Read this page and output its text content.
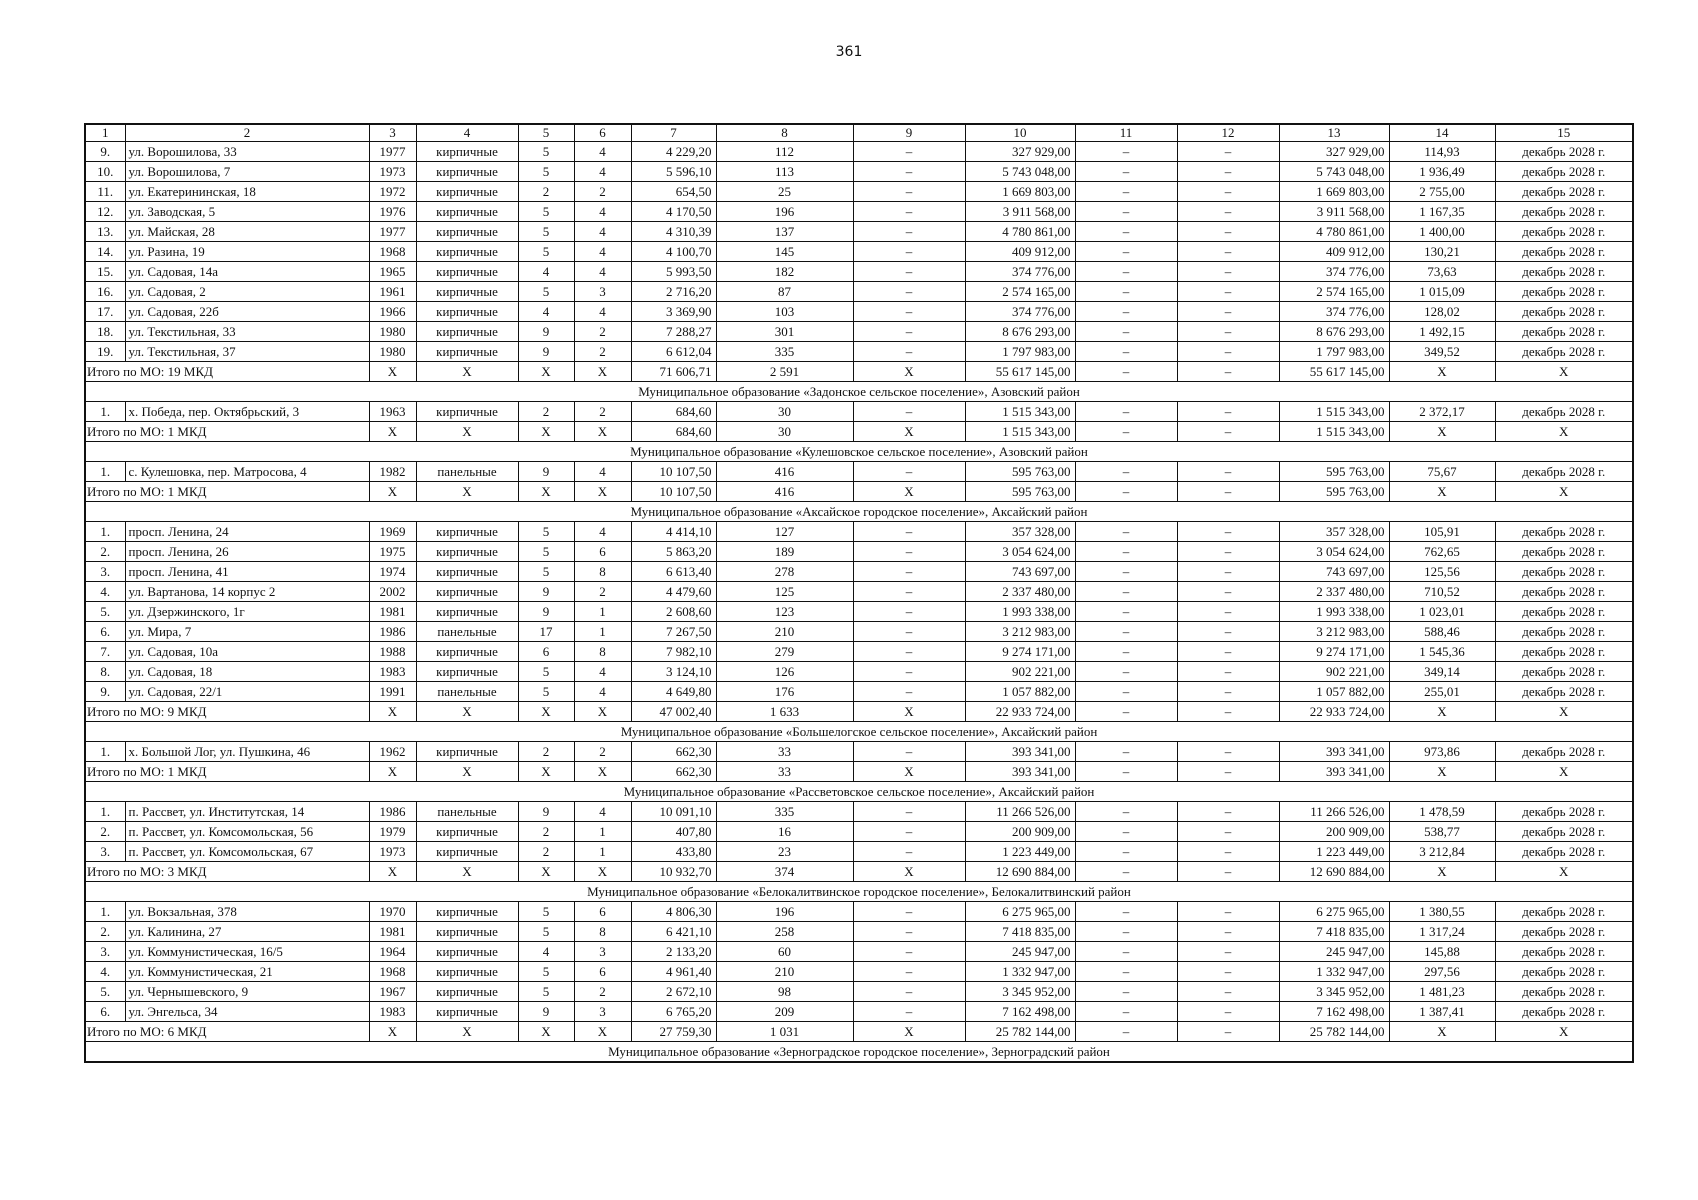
361
1	2	3	4	5	6	7	8	9	10	11	12	13	14	15
9.	ул. Ворошилова, 33	1977	кирпичные	5	4	4 229,20	112	–	327 929,00	–	–	327 929,00	114,93	декабрь 2028 г.
10.	ул. Ворошилова, 7	1973	кирпичные	5	4	5 596,10	113	–	5 743 048,00	–	–	5 743 048,00	1 936,49	декабрь 2028 г.
11.	ул. Екатерининская, 18	1972	кирпичные	2	2	654,50	25	–	1 669 803,00	–	–	1 669 803,00	2 755,00	декабрь 2028 г.
12.	ул. Заводская, 5	1976	кирпичные	5	4	4 170,50	196	–	3 911 568,00	–	–	3 911 568,00	1 167,35	декабрь 2028 г.
13.	ул. Майская, 28	1977	кирпичные	5	4	4 310,39	137	–	4 780 861,00	–	–	4 780 861,00	1 400,00	декабрь 2028 г.
14.	ул. Разина, 19	1968	кирпичные	5	4	4 100,70	145	–	409 912,00	–	–	409 912,00	130,21	декабрь 2028 г.
15.	ул. Садовая, 14а	1965	кирпичные	4	4	5 993,50	182	–	374 776,00	–	–	374 776,00	73,63	декабрь 2028 г.
16.	ул. Садовая, 2	1961	кирпичные	5	3	2 716,20	87	–	2 574 165,00	–	–	2 574 165,00	1 015,09	декабрь 2028 г.
17.	ул. Садовая, 22б	1966	кирпичные	4	4	3 369,90	103	–	374 776,00	–	–	374 776,00	128,02	декабрь 2028 г.
18.	ул. Текстильная, 33	1980	кирпичные	9	2	7 288,27	301	–	8 676 293,00	–	–	8 676 293,00	1 492,15	декабрь 2028 г.
19.	ул. Текстильная, 37	1980	кирпичные	9	2	6 612,04	335	–	1 797 983,00	–	–	1 797 983,00	349,52	декабрь 2028 г.
Итого по МО: 19 МКД		X	X	X	X	71 606,71	2 591	X	55 617 145,00	–	–	55 617 145,00	X	X
Муниципальное образование «Задонское сельское поселение», Азовский район														
1.	х. Победа, пер. Октябрьский, 3	1963	кирпичные	2	2	684,60	30	–	1 515 343,00	–	–	1 515 343,00	2 372,17	декабрь 2028 г.
Итого по МО: 1 МКД		X	X	X	X	684,60	30	X	1 515 343,00	–	–	1 515 343,00	X	X
Муниципальное образование «Кулешовское сельское поселение», Азовский район														
1.	с. Кулешовка, пер. Матросова, 4	1982	панельные	9	4	10 107,50	416	–	595 763,00	–	–	595 763,00	75,67	декабрь 2028 г.
Итого по МО: 1 МКД		X	X	X	X	10 107,50	416	X	595 763,00	–	–	595 763,00	X	X
Муниципальное образование «Аксайское городское поселение», Аксайский район														
1.	просп. Ленина, 24	1969	кирпичные	5	4	4 414,10	127	–	357 328,00	–	–	357 328,00	105,91	декабрь 2028 г.
2.	просп. Ленина, 26	1975	кирпичные	5	6	5 863,20	189	–	3 054 624,00	–	–	3 054 624,00	762,65	декабрь 2028 г.
3.	просп. Ленина, 41	1974	кирпичные	5	8	6 613,40	278	–	743 697,00	–	–	743 697,00	125,56	декабрь 2028 г.
4.	ул. Вартанова, 14 корпус 2	2002	кирпичные	9	2	4 479,60	125	–	2 337 480,00	–	–	2 337 480,00	710,52	декабрь 2028 г.
5.	ул. Дзержинского, 1г	1981	кирпичные	9	1	2 608,60	123	–	1 993 338,00	–	–	1 993 338,00	1 023,01	декабрь 2028 г.
6.	ул. Мира, 7	1986	панельные	17	1	7 267,50	210	–	3 212 983,00	–	–	3 212 983,00	588,46	декабрь 2028 г.
7.	ул. Садовая, 10а	1988	кирпичные	6	8	7 982,10	279	–	9 274 171,00	–	–	9 274 171,00	1 545,36	декабрь 2028 г.
8.	ул. Садовая, 18	1983	кирпичные	5	4	3 124,10	126	–	902 221,00	–	–	902 221,00	349,14	декабрь 2028 г.
9.	ул. Садовая, 22/1	1991	панельные	5	4	4 649,80	176	–	1 057 882,00	–	–	1 057 882,00	255,01	декабрь 2028 г.
Итого по МО: 9 МКД		X	X	X	X	47 002,40	1 633	X	22 933 724,00	–	–	22 933 724,00	X	X
Муниципальное образование «Большелогское сельское поселение», Аксайский район														
1.	х. Большой Лог, ул. Пушкина, 46	1962	кирпичные	2	2	662,30	33	–	393 341,00	–	–	393 341,00	973,86	декабрь 2028 г.
Итого по МО: 1 МКД		X	X	X	X	662,30	33	X	393 341,00	–	–	393 341,00	X	X
Муниципальное образование «Рассветовское сельское поселение», Аксайский район														
1.	п. Рассвет, ул. Институтская, 14	1986	панельные	9	4	10 091,10	335	–	11 266 526,00	–	–	11 266 526,00	1 478,59	декабрь 2028 г.
2.	п. Рассвет, ул. Комсомольская, 56	1979	кирпичные	2	1	407,80	16	–	200 909,00	–	–	200 909,00	538,77	декабрь 2028 г.
3.	п. Рассвет, ул. Комсомольская, 67	1973	кирпичные	2	1	433,80	23	–	1 223 449,00	–	–	1 223 449,00	3 212,84	декабрь 2028 г.
Итого по МО: 3 МКД		X	X	X	X	10 932,70	374	X	12 690 884,00	–	–	12 690 884,00	X	X
Муниципальное образование «Белокалитвинское городское поселение», Белокалитвинский район														
1.	ул. Вокзальная, 378	1970	кирпичные	5	6	4 806,30	196	–	6 275 965,00	–	–	6 275 965,00	1 380,55	декабрь 2028 г.
2.	ул. Калинина, 27	1981	кирпичные	5	8	6 421,10	258	–	7 418 835,00	–	–	7 418 835,00	1 317,24	декабрь 2028 г.
3.	ул. Коммунистическая, 16/5	1964	кирпичные	4	3	2 133,20	60	–	245 947,00	–	–	245 947,00	145,88	декабрь 2028 г.
4.	ул. Коммунистическая, 21	1968	кирпичные	5	6	4 961,40	210	–	1 332 947,00	–	–	1 332 947,00	297,56	декабрь 2028 г.
5.	ул. Чернышевского, 9	1967	кирпичные	5	2	2 672,10	98	–	3 345 952,00	–	–	3 345 952,00	1 481,23	декабрь 2028 г.
6.	ул. Энгельса, 34	1983	кирпичные	9	3	6 765,20	209	–	7 162 498,00	–	–	7 162 498,00	1 387,41	декабрь 2028 г.
Итого по МО: 6 МКД		X	X	X	X	27 759,30	1 031	X	25 782 144,00	–	–	25 782 144,00	X	X
Муниципальное образование «Зерноградское городское поселение», Зерноградский район														
